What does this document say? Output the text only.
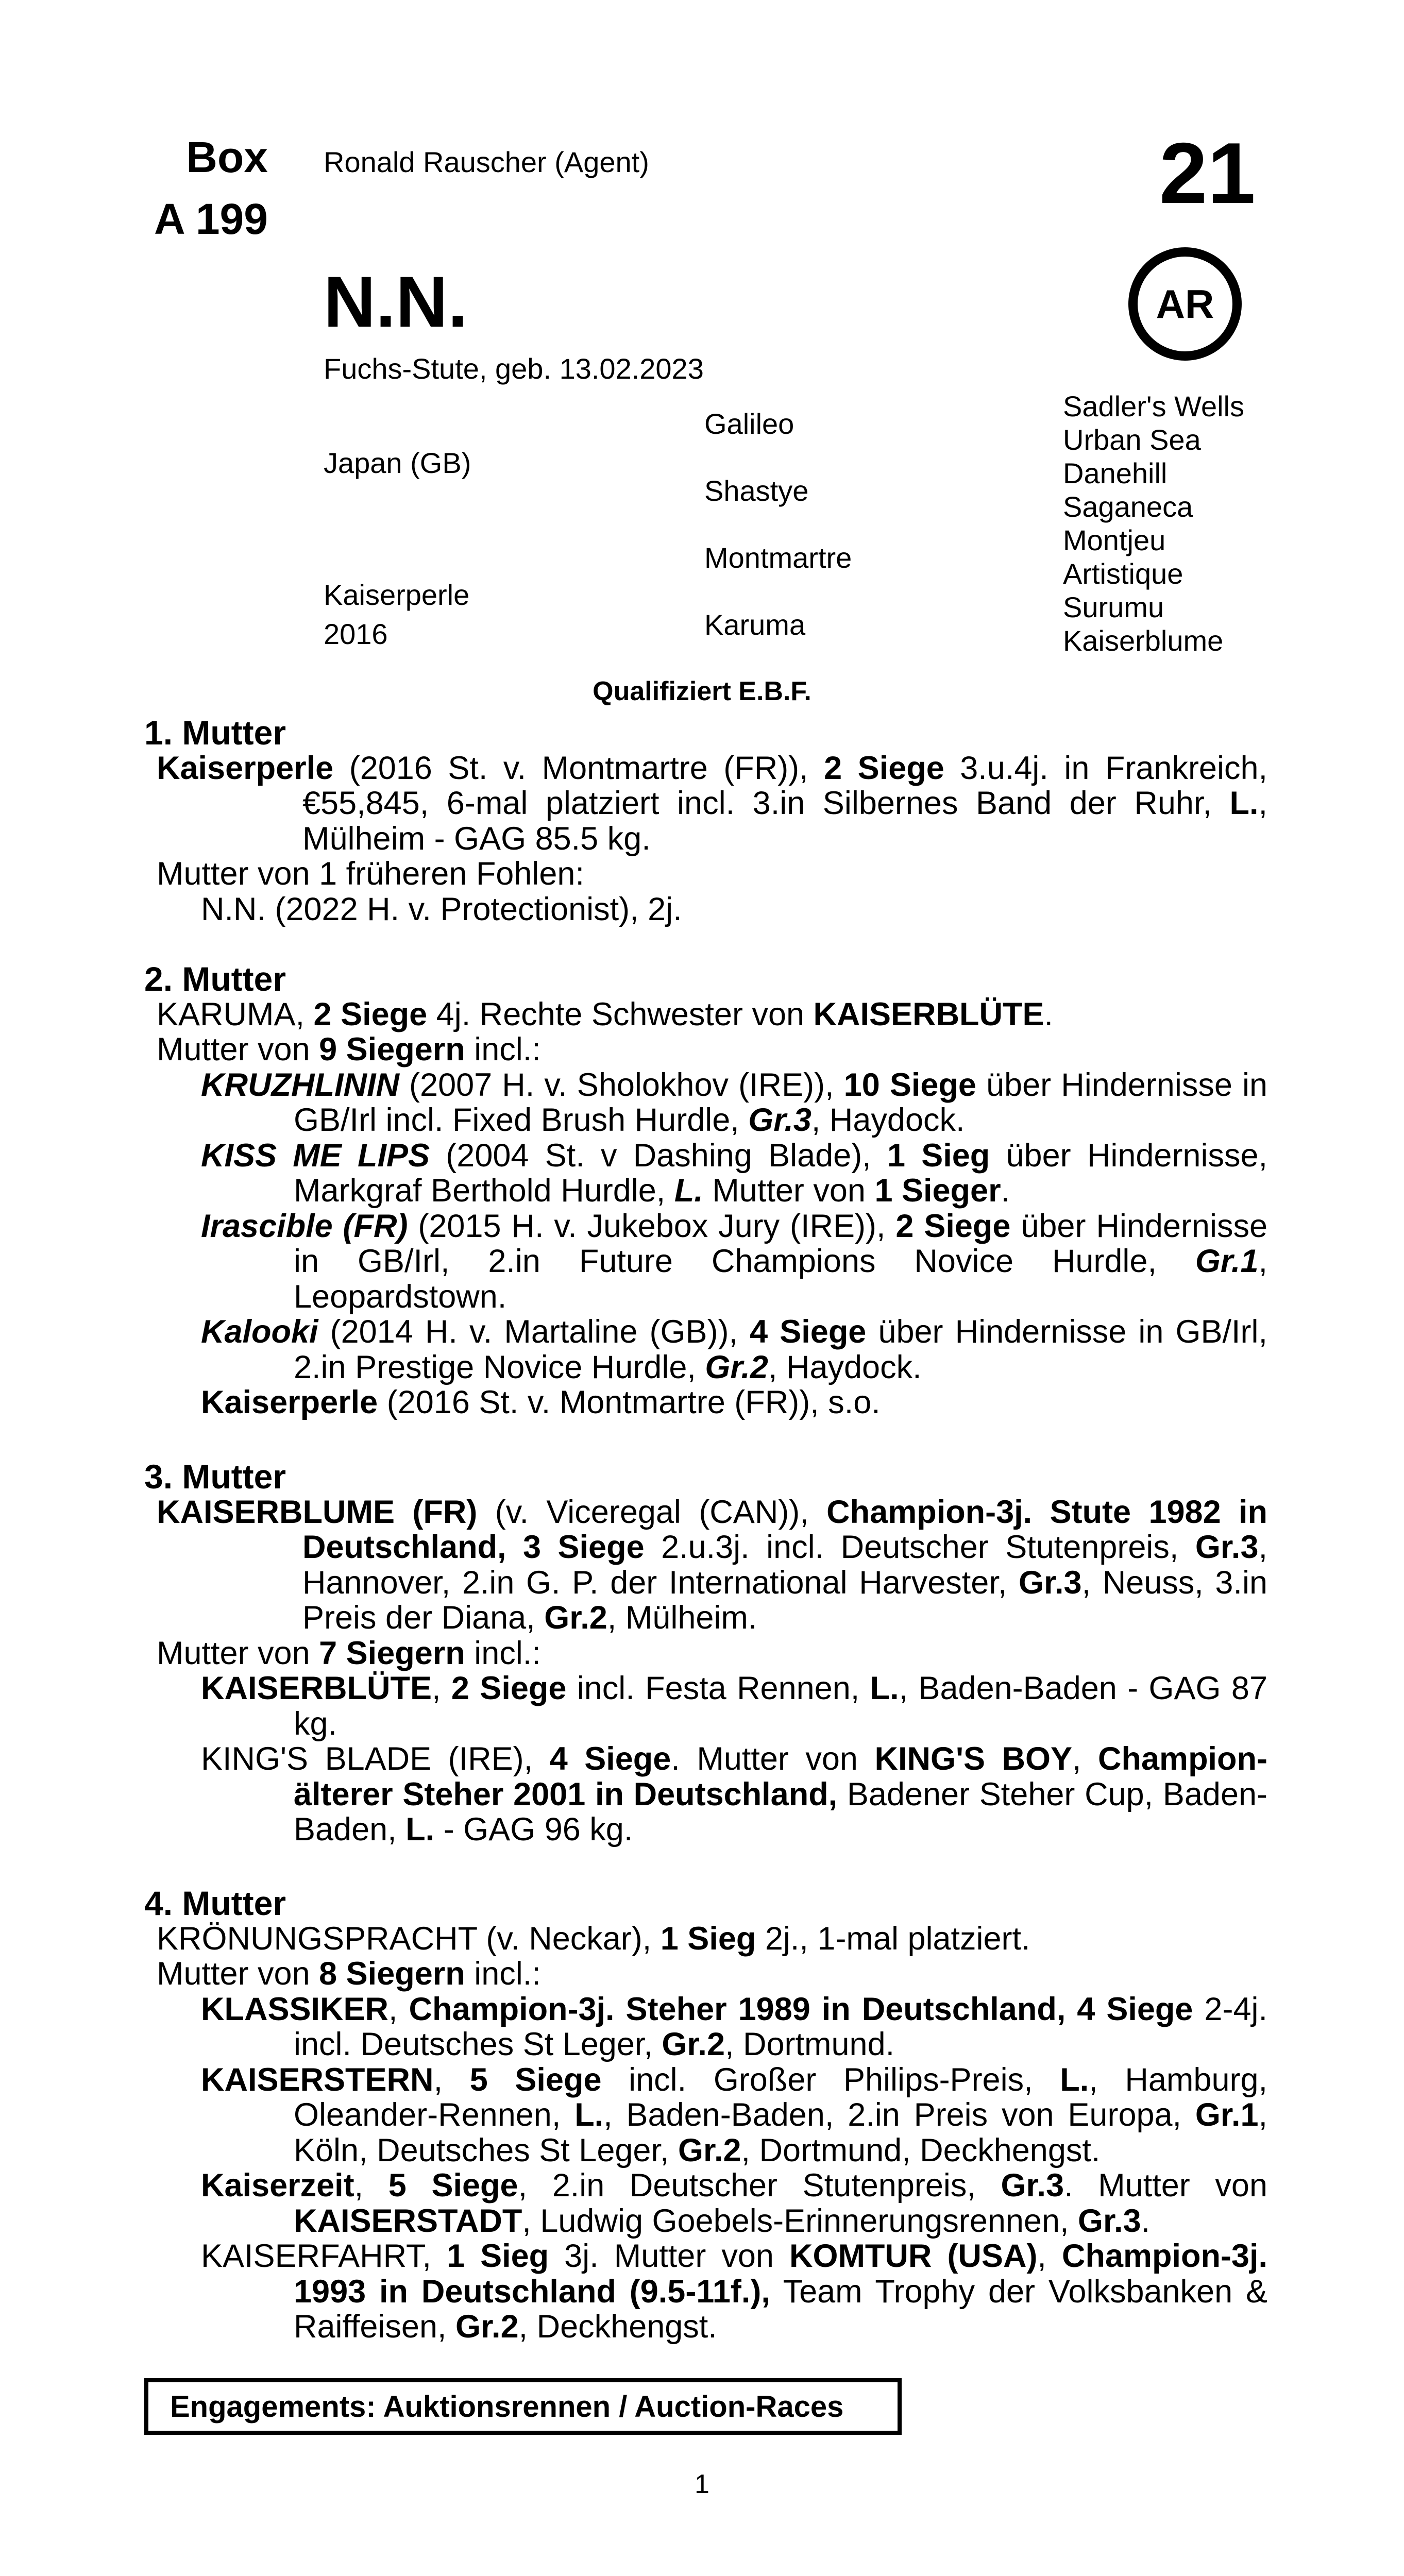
Box
A 199
Ronald Rauscher (Agent)	21
AR
N.N.
Fuchs-Stute, geb. 13.02.2023
Japan (GB)
Kaiserperle
2016
Galileo
Shastye
Montmartre
Karuma
Sadler's Wells
Urban Sea
Danehill
Saganeca
Montjeu
Artistique
Surumu
Kaiserblume
Qualifiziert E.B.F.
1. Mutter

Kaiserperle (2016 St. v. Montmartre (FR)), 2 Siege 3.u.4j. in Frankreich, €55,845, 6-mal platziert incl. 3.in Silbernes Band der Ruhr, L., Mülheim - GAG 85.5 kg.

Mutter von 1 früheren Fohlen:

N.N. (2022 H. v. Protectionist), 2j.

2. Mutter

KARUMA, 2 Siege 4j. Rechte Schwester von KAISERBLÜTE.

Mutter von 9 Siegern incl.:

KRUZHLININ (2007 H. v. Sholokhov (IRE)), 10 Siege über Hindernisse in GB/Irl incl. Fixed Brush Hurdle, Gr.3, Haydock.

KISS ME LIPS (2004 St. v Dashing Blade), 1 Sieg über Hindernisse, Markgraf Berthold Hurdle, L. Mutter von 1 Sieger.

Irascible (FR) (2015 H. v. Jukebox Jury (IRE)), 2 Siege über Hindernisse in GB/Irl, 2.in Future Champions Novice Hurdle, Gr.1, Leopardstown.

Kalooki (2014 H. v. Martaline (GB)), 4 Siege über Hindernisse in GB/Irl, 2.in Prestige Novice Hurdle, Gr.2, Haydock.

Kaiserperle (2016 St. v. Montmartre (FR)), s.o.

3. Mutter

KAISERBLUME (FR) (v. Viceregal (CAN)), Champion-3j. Stute 1982 in Deutschland, 3 Siege 2.u.3j. incl. Deutscher Stutenpreis, Gr.3, Hannover, 2.in G. P. der International Harvester, Gr.3, Neuss, 3.in Preis der Diana, Gr.2, Mülheim.

Mutter von 7 Siegern incl.:

KAISERBLÜTE, 2 Siege incl. Festa Rennen, L., Baden-Baden - GAG 87 kg.

KING'S BLADE (IRE), 4 Siege. Mutter von KING'S BOY, Champion-älterer Steher 2001 in Deutschland, Badener Steher Cup, Baden-Baden, L. - GAG 96 kg.

4. Mutter

KRÖNUNGSPRACHT (v. Neckar), 1 Sieg 2j., 1-mal platziert.

Mutter von 8 Siegern incl.:

KLASSIKER, Champion-3j. Steher 1989 in Deutschland, 4 Siege 2-4j. incl. Deutsches St Leger, Gr.2, Dortmund.

KAISERSTERN, 5 Siege incl. Großer Philips-Preis, L., Hamburg, Oleander-Rennen, L., Baden-Baden, 2.in Preis von Europa, Gr.1, Köln, Deutsches St Leger, Gr.2, Dortmund, Deckhengst.

Kaiserzeit, 5 Siege, 2.in Deutscher Stutenpreis, Gr.3. Mutter von KAISERSTADT, Ludwig Goebels-Erinnerungsrennen, Gr.3.

KAISERFAHRT, 1 Sieg 3j. Mutter von KOMTUR (USA), Champion-3j. 1993 in Deutschland (9.5-11f.), Team Trophy der Volksbanken & Raiffeisen, Gr.2, Deckhengst.

Engagements: Auktionsrennen / Auction-Races
1
